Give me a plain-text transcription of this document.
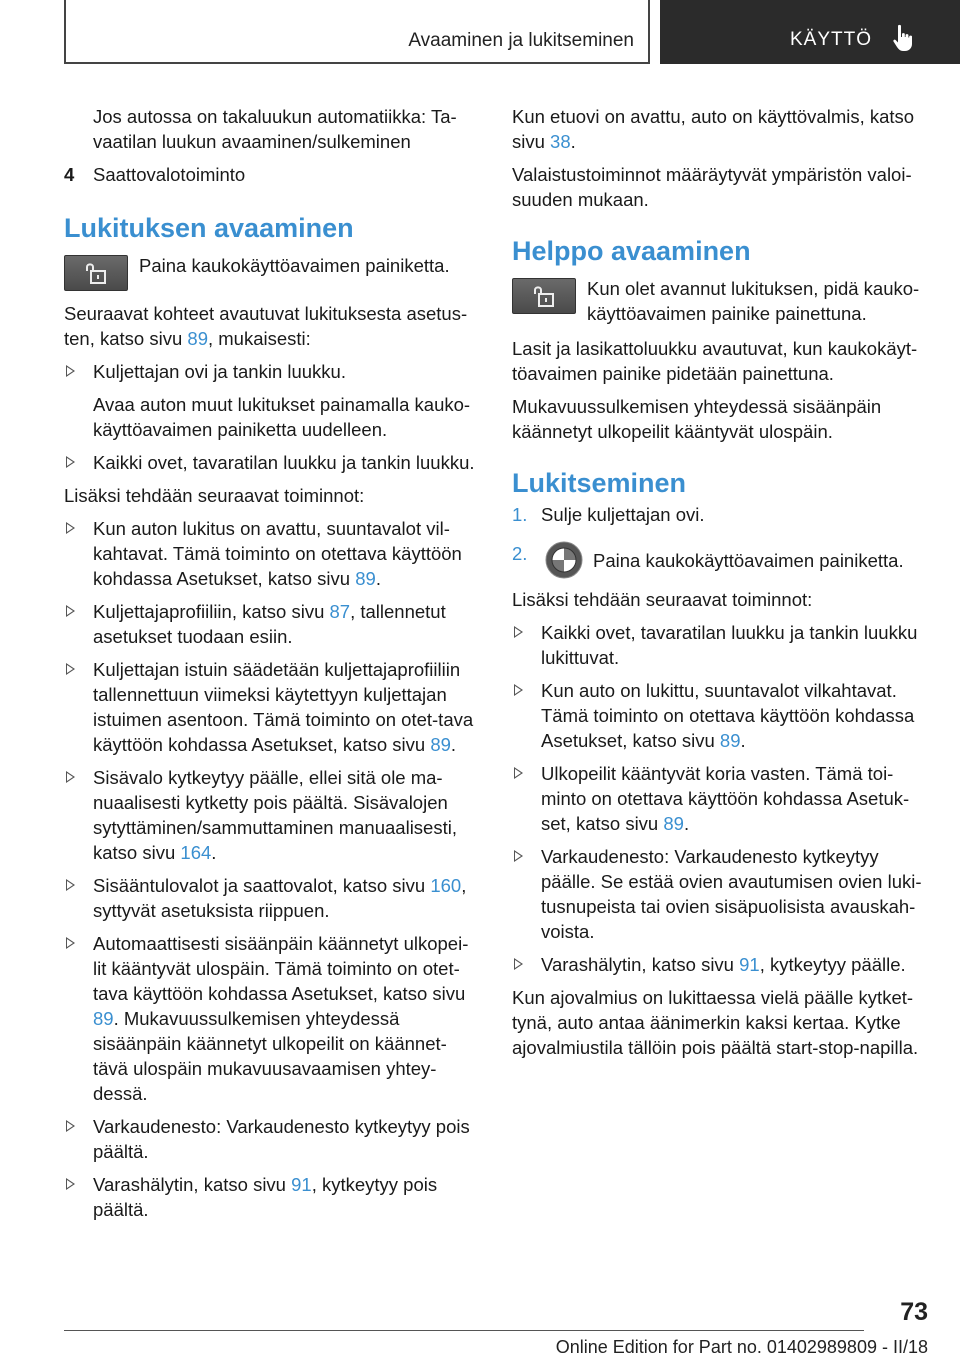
Avaaminen ja lukitseminen	KÄYTTÖ

Jos autossa on takaluukun automatiikka: Ta-vaatilan luukun avaaminen/sulkeminen

4 Saattovalotoiminto
Lukituksen avaaminen

Paina kaukokäyttöavaimen painiketta.

Seuraavat kohteet avautuvat lukituksesta asetus-ten, katso sivu 89, mukaisesti:

Kuljettajan ovi ja tankin luukku.

Avaa auton muut lukitukset painamalla kauko-käyttöavaimen painiketta uudelleen.

Kaikki ovet, tavaratilan luukku ja tankin luukku.

Lisäksi tehdään seuraavat toiminnot:

Kun auton lukitus on avattu, suuntavalot vil-kahtavat. Tämä toiminto on otettava käyttöön kohdassa Asetukset, katso sivu 89.
Kuljettajaprofiiliin, katso sivu 87, tallennetut asetukset tuodaan esiin.
Kuljettajan istuin säädetään kuljettajaprofiiliin tallennettuun viimeksi käytettyyn kuljettajan istuimen asentoon. Tämä toiminto on otet-tava käyttöön kohdassa Asetukset, katso sivu 89.
Sisävalo kytkeytyy päälle, ellei sitä ole ma-nuaalisesti kytketty pois päältä. Sisävalojen sytyttäminen/sammuttaminen manuaalisesti, katso sivu 164.
Sisääntulovalot ja saattovalot, katso sivu 160, syttyvät asetuksista riippuen.
Automaattisesti sisäänpäin käännetyt ulkopei-lit kääntyvät ulospäin. Tämä toiminto on otet-tava käyttöön kohdassa Asetukset, katso sivu 89. Mukavuussulkemisen yhteydessä sisäänpäin käännetyt ulkopeilit on käännet-tävä ulospäin mukavuusavaamisen yhtey-dessä.
Varkaudenesto: Varkaudenesto kytkeytyy pois päältä.
Varashälytin, katso sivu 91, kytkeytyy pois päältä.

Kun etuovi on avattu, auto on käyttövalmis, katso sivu 38.

Valaistustoiminnot määräytyvät ympäristön valoi-suuden mukaan.

Helppo avaaminen

Kun olet avannut lukituksen, pidä kauko-käyttöavaimen painike painettuna.

Lasit ja lasikattoluukku avautuvat, kun kaukokäyt-töavaimen painike pidetään painettuna.

Mukavuussulkemisen yhteydessä sisäänpäin käännetyt ulkopeilit kääntyvät ulospäin.

Lukitseminen
1. Sulje kuljettajan ovi.
2.	Paina kaukokäyttöavaimen painiketta.

Lisäksi tehdään seuraavat toiminnot:

Kaikki ovet, tavaratilan luukku ja tankin luukku lukittuvat.
Kun auto on lukittu, suuntavalot vilkahtavat. Tämä toiminto on otettava käyttöön kohdassa Asetukset, katso sivu 89.
Ulkopeilit kääntyvät koria vasten. Tämä toi-minto on otettava käyttöön kohdassa Asetuk-set, katso sivu 89.
Varkaudenesto: Varkaudenesto kytkeytyy päälle. Se estää ovien avautumisen ovien luki-tusnupeista tai ovien sisäpuolisista avauskah-voista.
Varashälytin, katso sivu 91, kytkeytyy päälle.

Kun ajovalmius on lukittaessa vielä päälle kytket-tynä, auto antaa äänimerkin kaksi kertaa. Kytke ajovalmiustila tällöin pois päältä start-stop-napilla.

73
Online Edition for Part no. 01402989809 - II/18
